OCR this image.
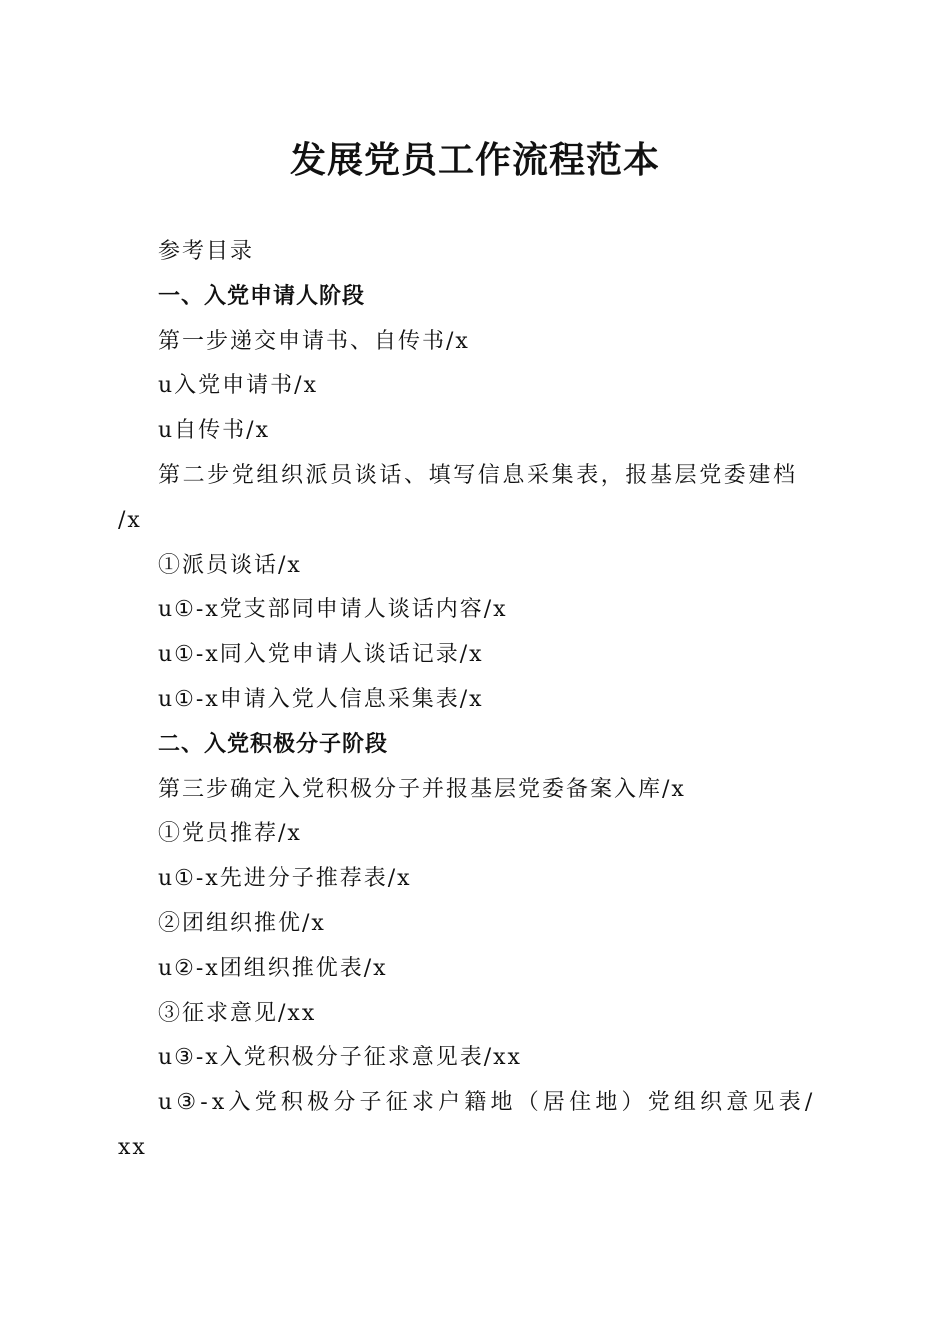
发展党员工作流程范本
参考目录
一、入党申请人阶段
第一步递交申请书、自传书/x
u入党申请书/x
u自传书/x
第二步党组织派员谈话、填写信息采集表，报基层党委建档
/x
①派员谈话/x
u①-x党支部同申请人谈话内容/x
u①-x同入党申请人谈话记录/x
u①-x申请入党人信息采集表/x
二、入党积极分子阶段
第三步确定入党积极分子并报基层党委备案入库/x
①党员推荐/x
u①-x先进分子推荐表/x
②团组织推优/x
u②-x团组织推优表/x
③征求意见/xx
u③-x入党积极分子征求意见表/xx
u③-x入党积极分子征求户籍地（居住地）党组织意见表/
xx
